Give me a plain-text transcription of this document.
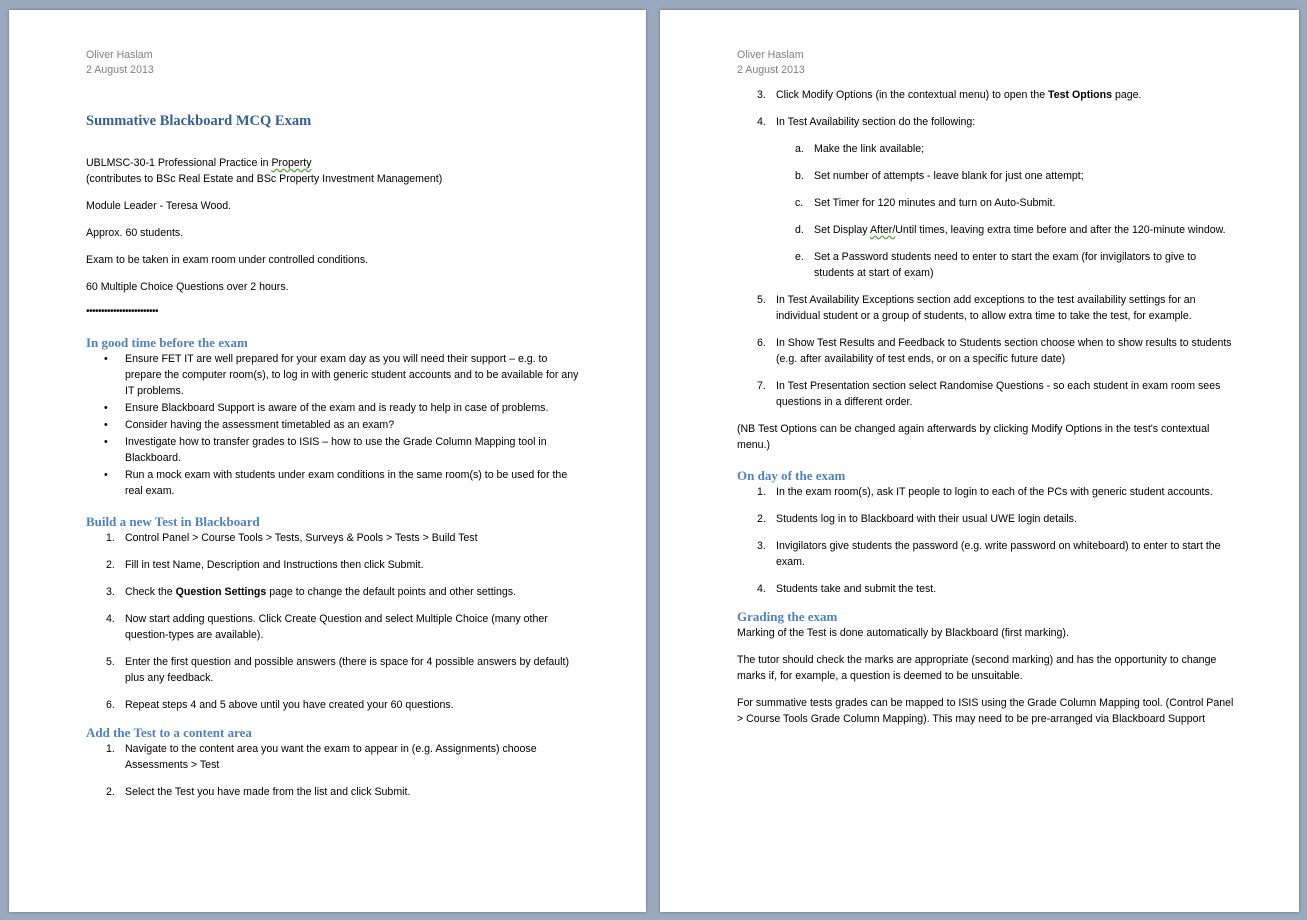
Oliver Haslam
2 August 2013
Summative Blackboard MCQ Exam

UBLMSC-30-1 Professional Practice in Property
(contributes to BSc Real Estate and BSc Property Investment Management)

Module Leader - Teresa Wood.

Approx. 60 students.

Exam to be taken in exam room under controlled conditions.

60 Multiple Choice Questions over 2 hours.

••••••••••••••••••••••••
In good time before the exam
• Ensure FET IT are well prepared for your exam day as you will need their support – e.g. to prepare the computer room(s), to log in with generic student accounts and to be available for any IT problems.
• Ensure Blackboard Support is aware of the exam and is ready to help in case of problems.
• Consider having the assessment timetabled as an exam?
• Investigate how to transfer grades to ISIS – how to use the Grade Column Mapping tool in Blackboard.
• Run a mock exam with students under exam conditions in the same room(s) to be used for the real exam.
Build a new Test in Blackboard
1. Control Panel > Course Tools > Tests, Surveys & Pools > Tests > Build Test
2. Fill in test Name, Description and Instructions then click Submit.
3. Check the Question Settings page to change the default points and other settings.
4. Now start adding questions. Click Create Question and select Multiple Choice (many other question-types are available).
5. Enter the first question and possible answers (there is space for 4 possible answers by default) plus any feedback.
6. Repeat steps 4 and 5 above until you have created your 60 questions.
Add the Test to a content area
1. Navigate to the content area you want the exam to appear in (e.g. Assignments) choose Assessments > Test
2. Select the Test you have made from the list and click Submit.
Oliver Haslam
2 August 2013
3. Click Modify Options (in the contextual menu) to open the Test Options page.
4. In Test Availability section do the following:
a. Make the link available;
b. Set number of attempts - leave blank for just one attempt;
c. Set Timer for 120 minutes and turn on Auto-Submit.
d. Set Display After/Until times, leaving extra time before and after the 120-minute window.
e. Set a Password students need to enter to start the exam (for invigilators to give to students at start of exam)
5. In Test Availability Exceptions section add exceptions to the test availability settings for an individual student or a group of students, to allow extra time to take the test, for example.
6. In Show Test Results and Feedback to Students section choose when to show results to students (e.g. after availability of test ends, or on a specific future date)
7. In Test Presentation section select Randomise Questions - so each student in exam room sees questions in a different order.

(NB Test Options can be changed again afterwards by clicking Modify Options in the test's contextual menu.)

On day of the exam
1. In the exam room(s), ask IT people to login to each of the PCs with generic student accounts.
2. Students log in to Blackboard with their usual UWE login details.
3. Invigilators give students the password (e.g. write password on whiteboard) to enter to start the exam.
4. Students take and submit the test.
Grading the exam

Marking of the Test is done automatically by Blackboard (first marking).

The tutor should check the marks are appropriate (second marking) and has the opportunity to change marks if, for example, a question is deemed to be unsuitable.

For summative tests grades can be mapped to ISIS using the Grade Column Mapping tool. (Control Panel > Course Tools Grade Column Mapping). This may need to be pre-arranged via Blackboard Support
